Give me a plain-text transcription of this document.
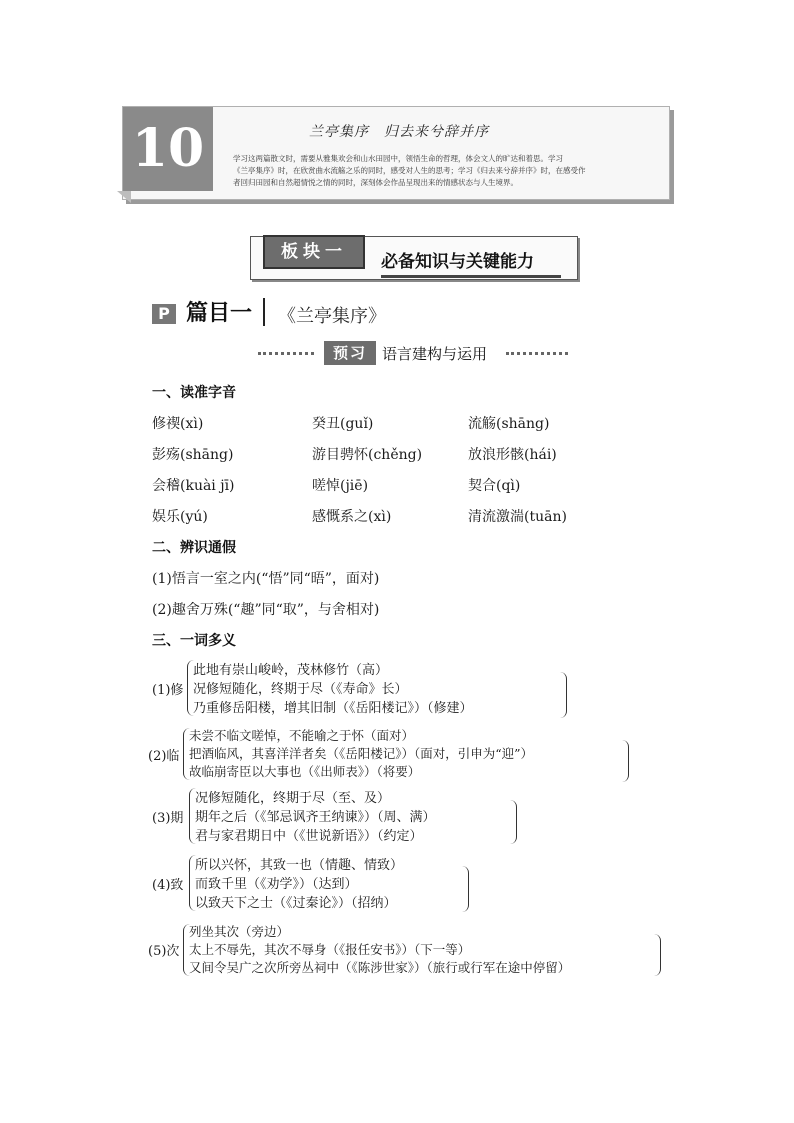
10	兰亭集序　归去来兮辞并序
学习这两篇散文时，需要从雅集欢会和山水田园中，领悟生命的哲理，体会文人的旷达和着思。学习
《兰亭集序》时，在欣赏曲水流觞之乐的同时，感受对人生的思考；学习《归去来兮辞并序》时，在感受作
者回归田园和自然超情悦之情的同时，深刻体会作品呈现出来的情感状态与人生境界。
板块一	必备知识与关键能力
P 篇目一 《兰亭集序》
预习	语言建构与运用
一、读准字音
修禊(xì)	癸丑(guǐ)	流觞(shāng)
彭殇(shāng)	游目骋怀(chěng)	放浪形骸(hái)
会稽(kuài jī)	嗟悼(jiē)	契合(qì)
娱乐(yú)	感慨系之(xì)	清流激湍(tuān)
二、辨识通假
(1)悟言一室之内(“悟”同“晤”，面对)
(2)趣舍万殊(“趣”同“取”，与舍相对)
三、一词多义
(1)修
此地有崇山峻岭，茂林修竹（高）
况修短随化，终期于尽（《寿命》长）
乃重修岳阳楼，增其旧制（《岳阳楼记》）（修建）
(2)临
未尝不临文嗟悼，不能喻之于怀（面对）
把酒临风，其喜洋洋者矣（《岳阳楼记》）（面对，引申为“迎”）
故临崩寄臣以大事也（《出师表》）（将要）
(3)期
况修短随化，终期于尽（至、及）
期年之后（《邹忌讽齐王纳谏》）（周、满）
君与家君期日中（《世说新语》）（约定）
(4)致
所以兴怀，其致一也（情趣、情致）
而致千里（《劝学》）（达到）
以致天下之士（《过秦论》）（招纳）
(5)次
列坐其次（旁边）
太上不辱先，其次不辱身（《报任安书》）（下一等）
又间令吴广之次所旁丛祠中（《陈涉世家》）（旅行或行军在途中停留）
